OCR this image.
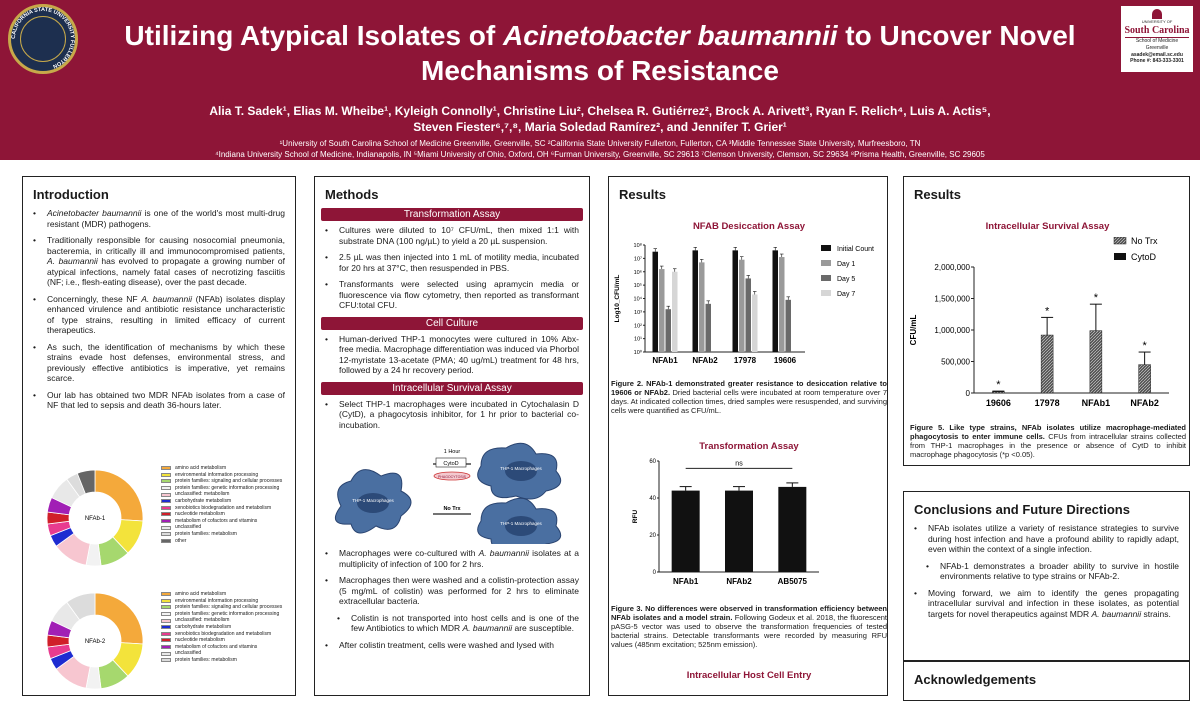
CALIFORNIA STATE UNIVERSITY FULLERTON
Utilizing Atypical Isolates of Acinetobacter baumannii to Uncover Novel Mechanisms of Resistance
Alia T. Sadek¹, Elias M. Wheibe¹, Kyleigh Connolly¹, Christine Liu², Chelsea R. Gutiérrez², Brock A. Arivett³, Ryan F. Relich⁴, Luis A. Actis⁵,
Steven Fiester⁶,⁷,⁸, Maria Soledad Ramírez², and Jennifer T. Grier¹
¹University of South Carolina School of Medicine Greenville, Greenville, SC ²California State University Fullerton, Fullerton, CA ³Middle Tennessee State University, Murfreesboro, TN
⁴Indiana University School of Medicine, Indianapolis, IN ⁵Miami University of Ohio, Oxford, OH ⁶Furman University, Greenville, SC 29613 ⁷Clemson University, Clemson, SC 29634 ⁸Prisma Health, Greenville, SC 29605
UNIVERSITY OF
South Carolina
School of Medicine Greenville
asadek@email.sc.edu
Phone #: 843-333-3301
Introduction
• Acinetobacter baumannii is one of the world's most multi-drug resistant (MDR) pathogens.
• Traditionally responsible for causing nosocomial pneumonia, bacteremia, in critically ill and immunocompromised patients, A. baumannii has evolved to propagate a growing number of atypical infections, namely fatal cases of necrotizing fasciitis (NF; i.e., flesh-eating disease), over the past decade.
• Concerningly, these NF A. baumannii (NFAb) isolates display enhanced virulence and antibiotic resistance uncharacteristic of type strains, resulting in limited efficacy of current therapeutics.
• As such, the identification of mechanisms by which these strains evade host defenses, environmental stress, and previously effective antibiotics is imperative, yet remains scarce.
• Our lab has obtained two MDR NFAb isolates from a case of NF that led to sepsis and death 36-hours later.
NFAb-1
amino acid metabolism
environmental information processing
protein families: signaling and cellular processes
protein families: genetic information processing
unclassified: metabolism
carbohydrate metabolism
xenobiotics biodegradation and metabolism
nucleotide metabolism
metabolism of cofactors and vitamins
unclassified
protein families: metabolism
other
NFAb-2
amino acid metabolism
environmental information processing
protein families: signaling and cellular processes
protein families: genetic information processing
unclassified: metabolism
carbohydrate metabolism
xenobiotics biodegradation and metabolism
nucleotide metabolism
metabolism of cofactors and vitamins
unclassified
protein families: metabolism
Methods
Transformation Assay
• Cultures were diluted to 10⁷ CFU/mL, then mixed 1:1 with substrate DNA (100 ng/µL) to yield a 20 µL suspension.
• 2.5 µL was then injected into 1 mL of motility media, incubated for 20 hrs at 37°C, then resuspended in PBS.
• Transformants were selected using apramycin media or fluorescence via flow cytometry, then reported as transformant CFU:total CFU.
Cell Culture
• Human-derived THP-1 monocytes were cultured in 10% Abx-free media. Macrophage differentiation was induced via Phorbol 12-myristate 13-acetate (PMA; 40 ug/mL) treatment for 48 hrs, followed by a 24 hr recovery period.
Intracellular Survival Assay
• Select THP-1 macrophages were incubated in Cytochalasin D (CytD), a phagocytosis inhibitor, for 1 hr prior to bacterial co-incubation.
THP-1 Macrophages
1 Hour
CytoD
PHAGOCYTOSIS
No Trx
THP-1 Macrophages
THP-1 Macrophages
• Macrophages were co-cultured with A. baumannii isolates at a multiplicity of infection of 100 for 2 hrs.
• Macrophages then were washed and a colistin-protection assay (5 mg/mL of colistin) was performed for 2 hrs to eliminate extracellular bacteria.
• Colistin is not transported into host cells and is one of the few Antibiotics to which MDR A. baumannii are susceptible.
• After colistin treatment, cells were washed and lysed with
Results
NFAB Desiccation Assay
10⁸
10⁷
10⁶
10⁵
10⁴
10³
10²
10¹
10⁰
Log10_CFU/mL
NFAb1 NFAb2 17978 19606
Initial Count
Day 1
Day 5
Day 7
Figure 2. NFAb-1 demonstrated greater resistance to desiccation relative to 19606 or NFAb2. Dried bacterial cells were incubated at room temperature over 7 days. At indicated collection times, dried samples were resuspended, and surviving cells were quantified as CFU/mL.
Transformation Assay
0
20
40
60
RFU
NFAb1	NFAb2	AB5075
ns
Figure 3. No differences were observed in transformation efficiency between NFAb isolates and a model strain. Following Godeux et al. 2018, the fluorescent pASG-5 vector was used to observe the transformation frequencies of tested bacterial strains. Detectable transformants were recorded by measuring RFU values (485nm excitation; 525nm emission).
Intracellular Host Cell Entry
Results
Intracellular Survival Assay
0
500,000
1,000,000
1,500,000
2,000,000
CFU/mL
*
19606
*
17978
*
NFAb1
*
NFAb2
No Trx
CytoD
Figure 5. Like type strains, NFAb isolates utilize macrophage-mediated phagocytosis to enter immune cells. CFUs from intracellular strains collected from THP-1 macrophages in the presence or absence of CytD to inhibit macrophage phagocytosis (*p <0.05).
Conclusions and Future Directions
• NFAb isolates utilize a variety of resistance strategies to survive during host infection and have a profound ability to rapidly adapt, even within the context of a single infection.
• NFAb-1 demonstrates a broader ability to survive in hostile environments relative to type strains or NFAb-2.
• Moving forward, we aim to identify the genes propagating intracellular survival and infection in these isolates, as potential targets for novel therapeutics against MDR A. baumannii strains.
Acknowledgements
